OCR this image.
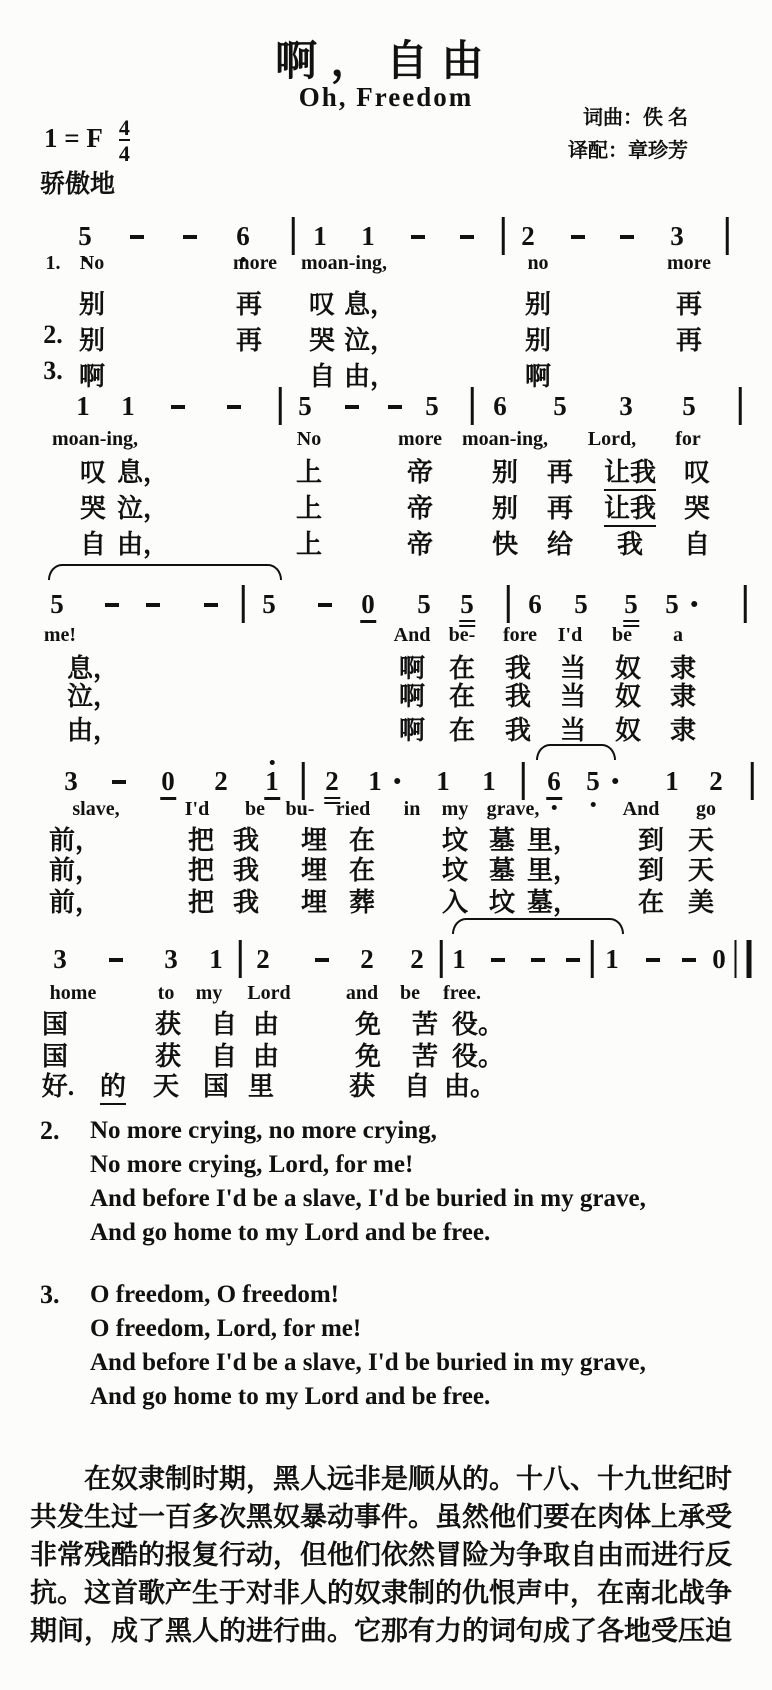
啊，自由
Oh, Freedom
词曲：佚 名
译配：章珍芳
1 = F $\frac{4}{4}$
骄傲地
5	6 1 1	2	3
1. No	more moan-ing,	no	more
别	再 叹 息，	别	再
2. 别	再 哭 泣，	别	再
3. 啊	自 由，	啊
1 1	5	5 6 5 3 5
moan-ing,	No	more moan-ing, Lord, for
叹 息，	上	帝 别 再 让我 叹
哭 泣，	上	帝 别 再 让我 哭
自 由，	上	帝 快 给 我 自
5	5	0 5 5 6 5 5 5
me!	And be- fore I'd be a
息，	啊 在 我 当 奴 隶
泣，	啊 在 我 当 奴 隶
由，	啊 在 我 当 奴 隶
3	0 2 1 2 1 1 1 6 5 1 2
slave,	I'd be bu- ried in my grave,	And go
前，	把 我 埋 在	坟 墓 里， 到 天
前，	把 我 埋 在	坟 墓 里， 到 天
前，	把 我 埋 葬	入 坟 墓， 在 美
3	3 1 2	2 2 1	1	0
home	to my Lord	and be free.
国	获 自 由	免 苦 役。
国	获 自 由	免 苦 役。
好. 的 天 国 里	获 自 由。
2.	No more crying, no more crying,
No more crying, Lord, for me!
And before I'd be a slave, I'd be buried in my grave,
And go home to my Lord and be free.
3.	O freedom, O freedom!
O freedom, Lord, for me!
And before I'd be a slave, I'd be buried in my grave,
And go home to my Lord and be free.
在奴隶制时期，黑人远非是顺从的。十八、十九世纪时
共发生过一百多次黑奴暴动事件。虽然他们要在肉体上承受
非常残酷的报复行动，但他们依然冒险为争取自由而进行反
抗。这首歌产生于对非人的奴隶制的仇恨声中，在南北战争
期间，成了黑人的进行曲。它那有力的词句成了各地受压迫
